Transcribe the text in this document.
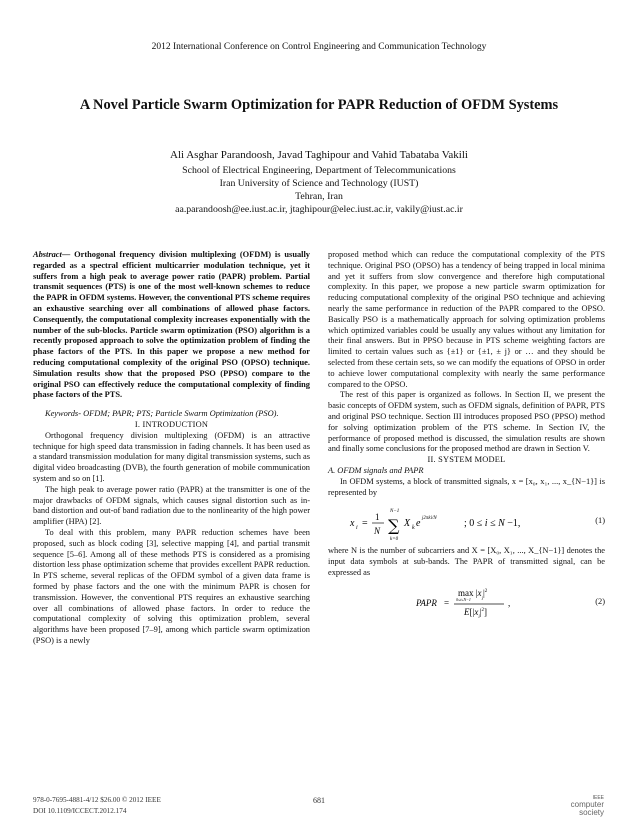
2012 International Conference on Control Engineering and Communication Technology
A Novel Particle Swarm Optimization for PAPR Reduction of OFDM Systems
Ali Asghar Parandoosh, Javad Taghipour and Vahid Tabataba Vakili
School of Electrical Engineering, Department of Telecommunications
Iran University of Science and Technology (IUST)
Tehran, Iran
aa.parandoosh@ee.iust.ac.ir, jtaghipour@elec.iust.ac.ir, vakily@iust.ac.ir

Abstract— Orthogonal frequency division multiplexing (OFDM) is usually regarded as a spectral efficient multicarrier modulation technique, yet it suffers from a high peak to average power ratio (PAPR) problem. Partial transmit sequences (PTS) is one of the most well-known schemes to reduce the PAPR in OFDM systems. However, the conventional PTS scheme requires an exhaustive searching over all combinations of allowed phase factors. Consequently, the computational complexity increases exponentially with the number of the sub-blocks. Particle swarm optimization (PSO) algorithm is a recently proposed approach to solve the optimization problem of finding the phase factors of the PTS. In this paper we propose a new method for reducing computational complexity of the original PSO (OPSO) technique. Simulation results show that the proposed PSO (PPSO) compare to the original PSO can effectively reduce the computational complexity of finding phase factors of the PTS.

Keywords- OFDM; PAPR; PTS; Particle Swarm Optimization (PSO).

I. INTRODUCTION

Orthogonal frequency division multiplexing (OFDM) is an attractive technique for high speed data transmission in fading channels. It has been used as a standard transmission modulation for many digital transmission systems, such as digital video broadcasting (DVB), the fourth generation of mobile communication system and so on [1].

The high peak to average power ratio (PAPR) at the transmitter is one of the major drawbacks of OFDM signals, which causes signal distortion such as in-band distortion and out-of band radiation due to the nonlinearity of the high power amplifier (HPA) [2].

To deal with this problem, many PAPR reduction schemes have been proposed, such as block coding [3], selective mapping [4], and partial transmit sequence [5–6]. Among all of these methods PTS is considered as a promising distortion less phase optimization scheme that provides excellent PAPR reduction. In PTS scheme, several replicas of the OFDM symbol of a given data frame is formed by phase factors and the one with the minimum PAPR is chosen for transmission. However, the conventional PTS requires an exhaustive searching over all combinations of allowed phase factors. In order to reduce the computational complexity of solving this optimization problem, several algorithms have been proposed [7–9], among which particle swarm optimization (PSO) is a newly

proposed method which can reduce the computational complexity of the PTS technique. Original PSO (OPSO) has a tendency of being trapped in local minima and yet it suffers from slow convergence and therefore high computational complexity. In this paper, we propose a new particle swarm optimization for reducing computational complexity of the original PSO technique and achieving nearly the same performance in reduction of the PAPR compared to the OPSO. Basically PSO is a mathematically approach for solving optimization problems which optimized variables could be usually any values without any limitation for their final answers. But in PPSO because in PTS scheme weighting factors are limited to certain values such as {±1} or {±1, ± j} or … and they should be selected from these certain sets, so we can modify the equations of OPSO in order to achieve lower computational complexity with nearly the same performance compared to the OPSO.

The rest of this paper is organized as follows. In Section II, we present the basic concepts of OFDM system, such as OFDM signals, definition of PAPR, PTS and original PSO technique. Section III introduces proposed PSO (PPSO) method for solving optimization problem of the PTS scheme. In Section IV, the performance of proposed method is discussed, the simulation results are shown and finally some conclusions for the proposed method are drawn in Section V.

II. SYSTEM MODEL

A. OFDM signals and PAPR

In OFDM systems, a block of transmitted signals, x = [x₀, x₁, ..., x_{N−1}] is represented by

x i =
1
N ∑
N−1
k=0
X k e j2πki/N	; 0 ≤ i ≤ N −1,	(1)

where N is the number of subcarriers and X = [X₀, X₁, ..., X_{N−1}] denotes the input data symbols at sub-bands. The PAPR of transmitted signal, can be expressed as

PAPR =
$\max |x_i|^2$
0≤i≤N−1
$E[|x_i|^2]$
,	(2)
978-0-7695-4881-4/12 $26.00 © 2012 IEEE
DOI 10.1109/ICCECT.2012.174
681	IEEE
computer
society
